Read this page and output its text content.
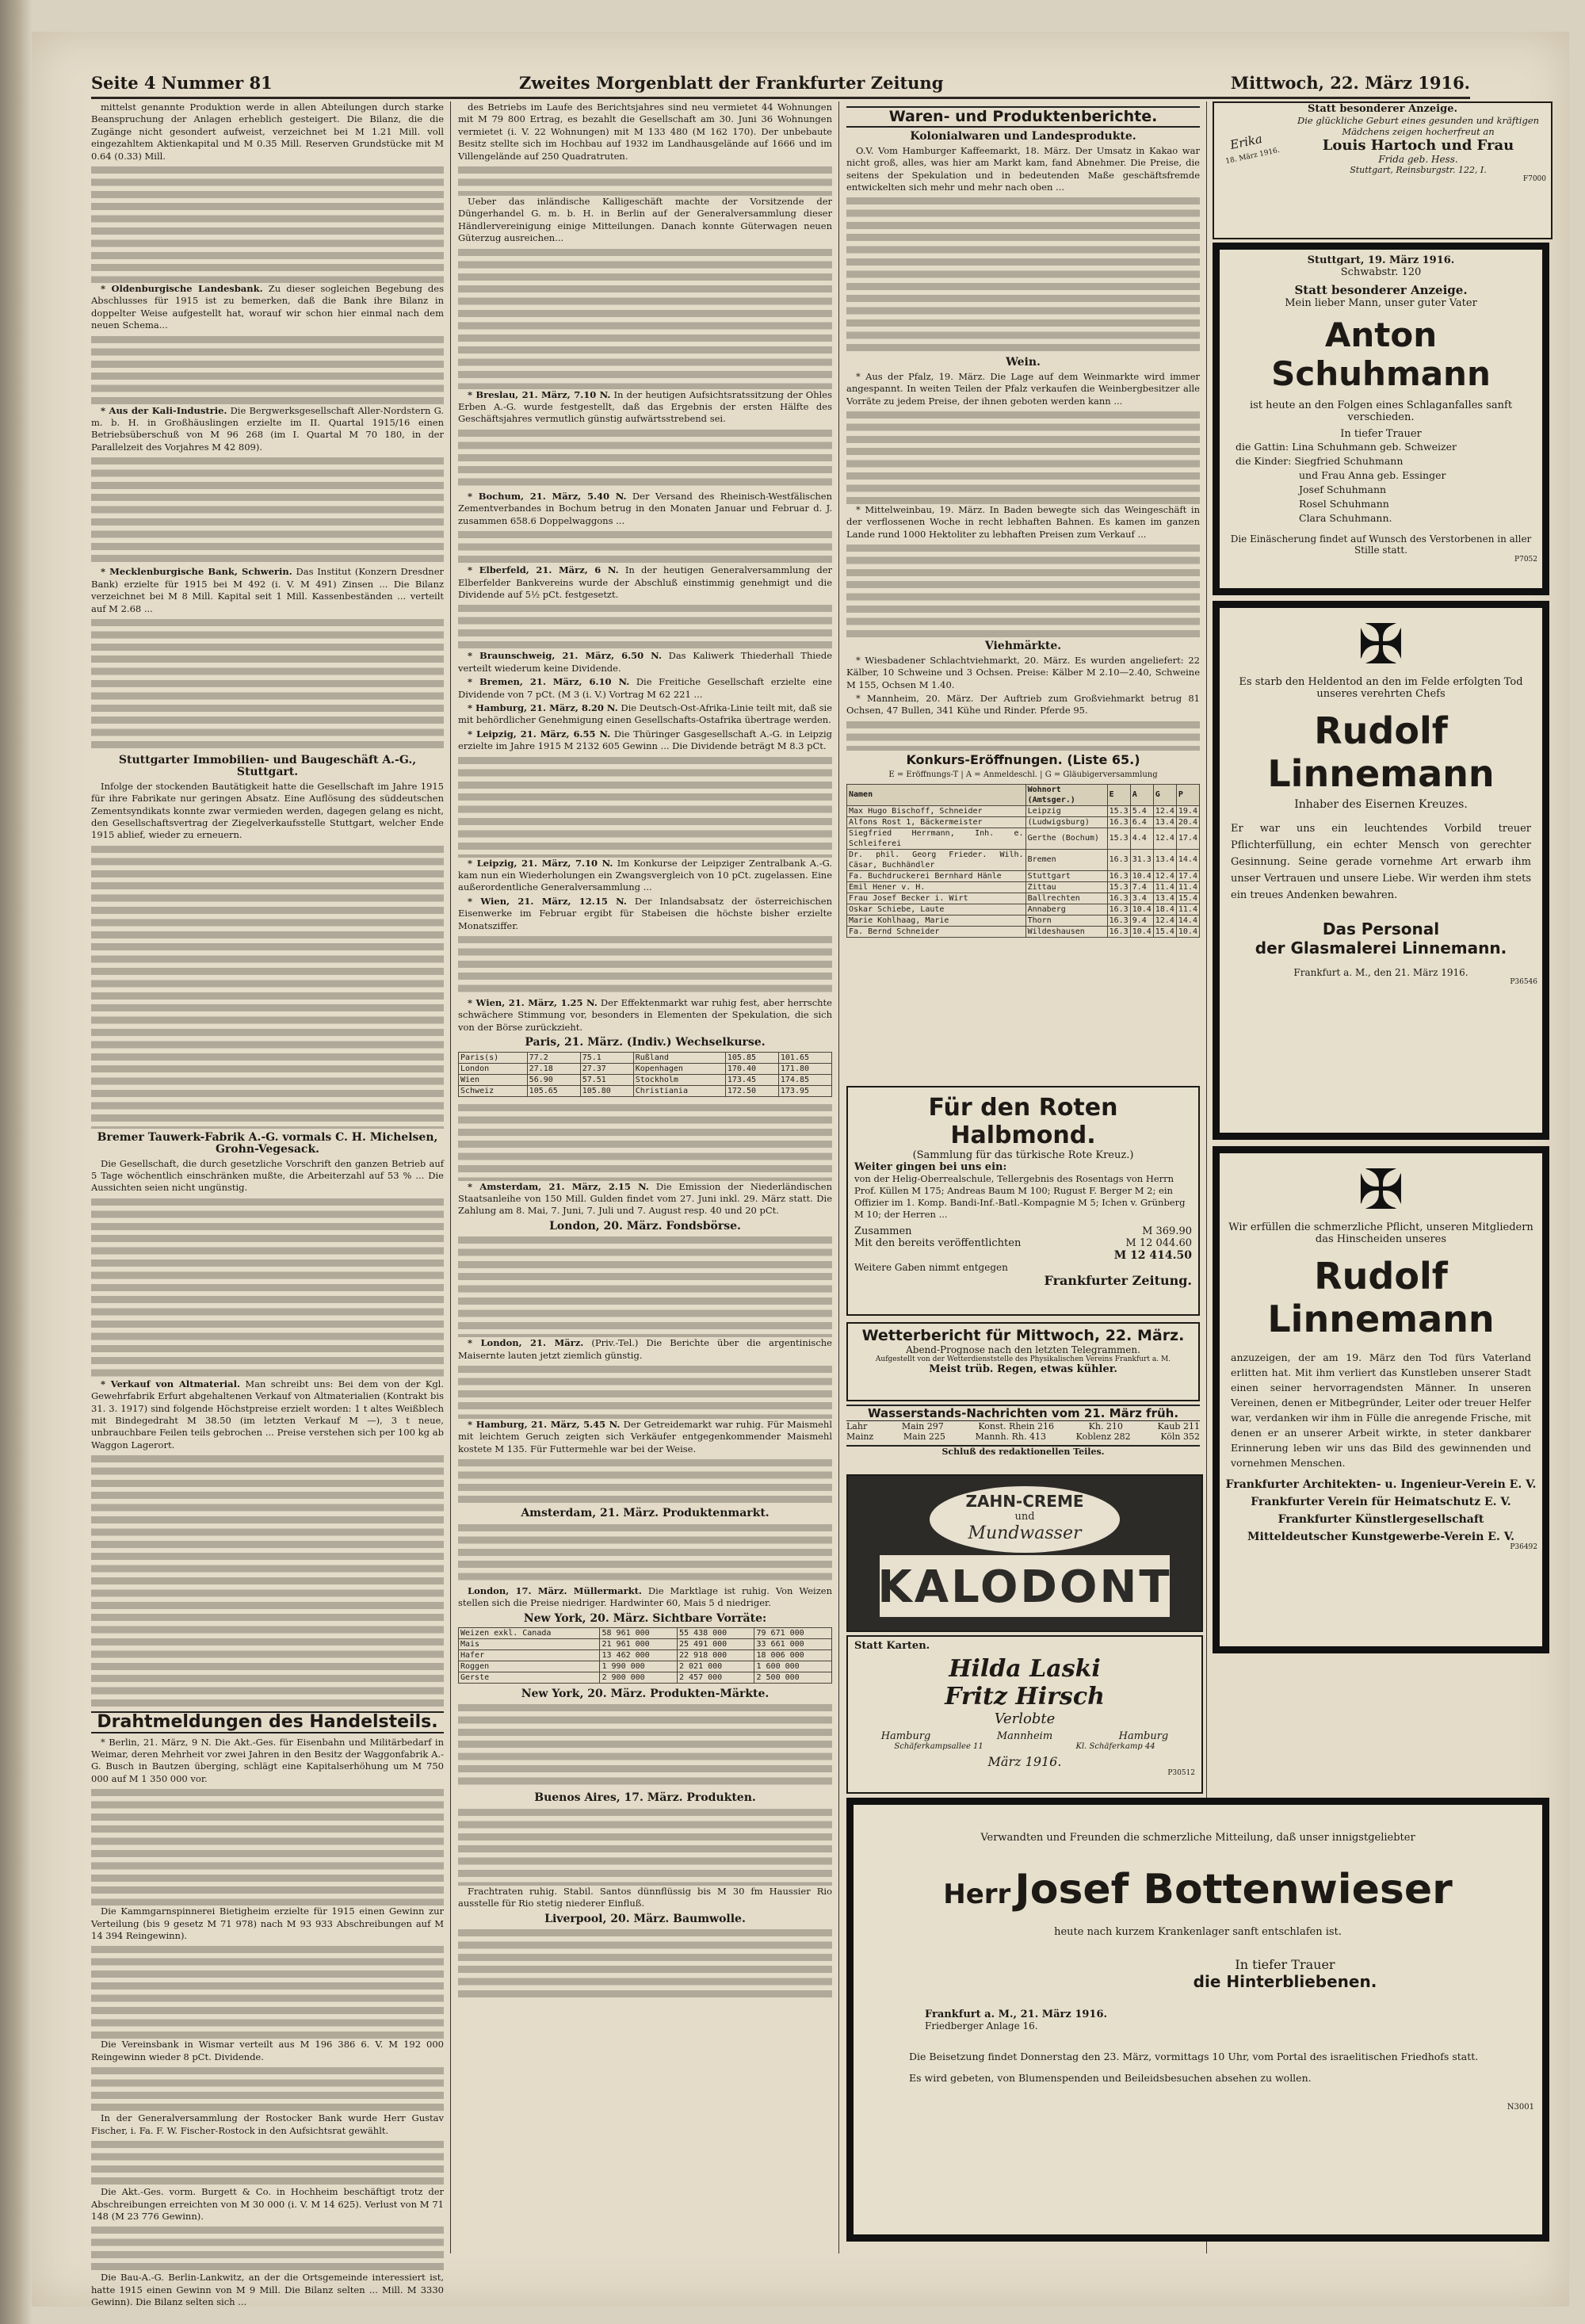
Seite 4 Nummer 81	Zweites Morgenblatt der Frankfurter Zeitung	Mittwoch, 22. März 1916.

mittelst genannte Produktion werde in allen Abteilungen durch starke Beanspruchung der Anlagen erheblich gesteigert. Die Bilanz, die die Zugänge nicht gesondert aufweist, verzeichnet bei M 1.21 Mill. voll eingezahltem Aktienkapital und M 0.35 Mill. Reserven Grundstücke mit M 0.64 (0.33) Mill.

* Oldenburgische Landesbank. Zu dieser sogleichen Begebung des Abschlusses für 1915 ist zu bemerken, daß die Bank ihre Bilanz in doppelter Weise aufgestellt hat, worauf wir schon hier einmal nach dem neuen Schema...

* Aus der Kali-Industrie. Die Bergwerksgesellschaft Aller-Nordstern G. m. b. H. in Großhäuslingen erzielte im II. Quartal 1915/16 einen Betriebsüberschuß von M 96 268 (im I. Quartal M 70 180, in der Parallelzeit des Vorjahres M 42 809).

* Mecklenburgische Bank, Schwerin. Das Institut (Konzern Dresdner Bank) erzielte für 1915 bei M 492 (i. V. M 491) Zinsen ... Die Bilanz verzeichnet bei M 8 Mill. Kapital seit 1 Mill. Kassenbeständen ... verteilt auf M 2.68 ...

Stuttgarter Immobilien- und Baugeschäft A.-G., Stuttgart.

Infolge der stockenden Bautätigkeit hatte die Gesellschaft im Jahre 1915 für ihre Fabrikate nur geringen Absatz. Eine Auflösung des süddeutschen Zementsyndikats konnte zwar vermieden werden, dagegen gelang es nicht, den Gesellschaftsvertrag der Ziegelverkaufsstelle Stuttgart, welcher Ende 1915 ablief, wieder zu erneuern.

Bremer Tauwerk-Fabrik A.-G. vormals C. H. Michelsen, Grohn-Vegesack.

Die Gesellschaft, die durch gesetzliche Vorschrift den ganzen Betrieb auf 5 Tage wöchentlich einschränken mußte, die Arbeiterzahl auf 53 % ... Die Aussichten seien nicht ungünstig.

* Verkauf von Altmaterial. Man schreibt uns: Bei dem von der Kgl. Gewehrfabrik Erfurt abgehaltenen Verkauf von Altmaterialien (Kontrakt bis 31. 3. 1917) sind folgende Höchstpreise erzielt worden: 1 t altes Weißblech mit Bindegedraht M 38.50 (im letzten Verkauf M —), 3 t neue, unbrauchbare Feilen teils gebrochen ... Preise verstehen sich per 100 kg ab Waggon Lagerort.

Drahtmeldungen des Handelsteils.

* Berlin, 21. März, 9 N. Die Akt.-Ges. für Eisenbahn und Militärbedarf in Weimar, deren Mehrheit vor zwei Jahren in den Besitz der Waggonfabrik A.-G. Busch in Bautzen überging, schlägt eine Kapitalserhöhung um M 750 000 auf M 1 350 000 vor.

Die Kammgarnspinnerei Bietigheim erzielte für 1915 einen Gewinn zur Verteilung (bis 9 gesetz M 71 978) nach M 93 933 Abschreibungen auf M 14 394 Reingewinn).

Die Vereinsbank in Wismar verteilt aus M 196 386 6. V. M 192 000 Reingewinn wieder 8 pCt. Dividende.

In der Generalversammlung der Rostocker Bank wurde Herr Gustav Fischer, i. Fa. F. W. Fischer-Rostock in den Aufsichtsrat gewählt.

Die Akt.-Ges. vorm. Burgett & Co. in Hochheim beschäftigt trotz der Abschreibungen erreichten von M 30 000 (i. V. M 14 625). Verlust von M 71 148 (M 23 776 Gewinn).

Die Bau-A.-G. Berlin-Lankwitz, an der die Ortsgemeinde interessiert ist, hatte 1915 einen Gewinn von M 9 Mill. Die Bilanz selten ... Mill. M 3330 Gewinn). Die Bilanz selten sich ...

des Betriebs im Laufe des Berichtsjahres sind neu vermietet 44 Wohnungen mit M 79 800 Ertrag, es bezahlt die Gesellschaft am 30. Juni 36 Wohnungen vermietet (i. V. 22 Wohnungen) mit M 133 480 (M 162 170). Der unbebaute Besitz stellte sich im Hochbau auf 1932 im Landhausgelände auf 1666 und im Villengelände auf 250 Quadratruten.

Ueber das inländische Kalligeschäft machte der Vorsitzende der Düngerhandel G. m. b. H. in Berlin auf der Generalversammlung dieser Händlervereinigung einige Mitteilungen. Danach konnte Güterwagen neuen Güterzug ausreichen...

* Breslau, 21. März, 7.10 N. In der heutigen Aufsichtsratssitzung der Ohles Erben A.-G. wurde festgestellt, daß das Ergebnis der ersten Hälfte des Geschäftsjahres vermutlich günstig aufwärtsstrebend sei.

* Bochum, 21. März, 5.40 N. Der Versand des Rheinisch-Westfälischen Zementverbandes in Bochum betrug in den Monaten Januar und Februar d. J. zusammen 658.6 Doppelwaggons ...

* Elberfeld, 21. März, 6 N. In der heutigen Generalversammlung der Elberfelder Bankvereins wurde der Abschluß einstimmig genehmigt und die Dividende auf 5½ pCt. festgesetzt.

* Braunschweig, 21. März, 6.50 N. Das Kaliwerk Thiederhall Thiede verteilt wiederum keine Dividende.

* Bremen, 21. März, 6.10 N. Die Freitiche Gesellschaft erzielte eine Dividende von 7 pCt. (M 3 (i. V.) Vortrag M 62 221 ...

* Hamburg, 21. März, 8.20 N. Die Deutsch-Ost-Afrika-Linie teilt mit, daß sie mit behördlicher Genehmigung einen Gesellschafts-Ostafrika übertrage werden.

* Leipzig, 21. März, 6.55 N. Die Thüringer Gasgesellschaft A.-G. in Leipzig erzielte im Jahre 1915 M 2132 605 Gewinn ... Die Dividende beträgt M 8.3 pCt.

* Leipzig, 21. März, 7.10 N. Im Konkurse der Leipziger Zentralbank A.-G. kam nun ein Wiederholungen ein Zwangsvergleich von 10 pCt. zugelassen. Eine außerordentliche Generalversammlung ...

* Wien, 21. März, 12.15 N. Der Inlandsabsatz der österreichischen Eisenwerke im Februar ergibt für Stabeisen die höchste bisher erzielte Monatsziffer.

* Wien, 21. März, 1.25 N. Der Effektenmarkt war ruhig fest, aber herrschte schwächere Stimmung vor, besonders in Elementen der Spekulation, die sich von der Börse zurückzieht.

Paris, 21. März. (Indiv.) Wechselkurse.
Paris(s)	77.2	75.1	Rußland	105.85	101.65
London	27.18	27.37	Kopenhagen	170.40	171.80
Wien	56.90	57.51	Stockholm	173.45	174.85
Schweiz	105.65	105.80	Christiania	172.50	173.95

* Amsterdam, 21. März, 2.15 N. Die Emission der Niederländischen Staatsanleihe von 150 Mill. Gulden findet vom 27. Juni inkl. 29. März statt. Die Zahlung am 8. Mai, 7. Juni, 7. Juli und 7. August resp. 40 und 20 pCt.

London, 20. März. Fondsbörse.

* London, 21. März. (Priv.-Tel.) Die Berichte über die argentinische Maisernte lauten jetzt ziemlich günstig.

* Hamburg, 21. März, 5.45 N. Der Getreidemarkt war ruhig. Für Maismehl mit leichtem Geruch zeigten sich Verkäufer entgegenkommender Maismehl kostete M 135. Für Futtermehle war bei der Weise.

Amsterdam, 21. März. Produktenmarkt.

London, 17. März. Müllermarkt. Die Marktlage ist ruhig. Von Weizen stellen sich die Preise niedriger. Hardwinter 60, Mais 5 d niedriger.

New York, 20. März. Sichtbare Vorräte:
Weizen exkl. Canada	58 961 000	55 438 000	79 671 000
Mais	21 961 000	25 491 000	33 661 000
Hafer	13 462 000	22 918 000	18 006 000
Roggen	1 990 000	2 021 000	1 600 000
Gerste	2 900 000	2 457 000	2 500 000
New York, 20. März. Produkten-Märkte.
Buenos Aires, 17. März. Produkten.

Frachtraten ruhig. Stabil. Santos dünnflüssig bis M 30 fm Haussier Rio ausstelle für Rio stetig niederer Einfluß.

Liverpool, 20. März. Baumwolle.
Waren- und Produktenberichte.
Kolonialwaren und Landesprodukte.

O.V. Vom Hamburger Kaffeemarkt, 18. März. Der Umsatz in Kakao war nicht groß, alles, was hier am Markt kam, fand Abnehmer. Die Preise, die seitens der Spekulation und in bedeutenden Maße geschäftsfremde entwickelten sich mehr und mehr nach oben ...

Wein.

* Aus der Pfalz, 19. März. Die Lage auf dem Weinmarkte wird immer angespannt. In weiten Teilen der Pfalz verkaufen die Weinbergbesitzer alle Vorräte zu jedem Preise, der ihnen geboten werden kann ...

* Mittelweinbau, 19. März. In Baden bewegte sich das Weingeschäft in der verflossenen Woche in recht lebhaften Bahnen. Es kamen im ganzen Lande rund 1000 Hektoliter zu lebhaften Preisen zum Verkauf ...

Viehmärkte.

* Wiesbadener Schlachtviehmarkt, 20. März. Es wurden angeliefert: 22 Kälber, 10 Schweine und 3 Ochsen. Preise: Kälber M 2.10—2.40, Schweine M 155, Ochsen M 1.40.

* Mannheim, 20. März. Der Auftrieb zum Großviehmarkt betrug 81 Ochsen, 47 Bullen, 341 Kühe und Rinder. Pferde 95.

Konkurs-Eröffnungen. (Liste 65.)
E = Eröffnungs-T | A = Anmeldeschl. | G = Gläubigerversammlung
Namen	Wohnort (Amtsger.)	E	A	G	P
Max Hugo Bischoff, Schneider	Leipzig	15.3	5.4	12.4	19.4
Alfons Rost 1, Bäckermeister	(Ludwigsburg)	16.3	6.4	13.4	20.4
Siegfried Herrmann, Inh. e. Schleiferei	Gerthe (Bochum)	15.3	4.4	12.4	17.4
Dr. phil. Georg Frieder. Wilh. Cäsar, Buchhändler	Bremen	16.3	31.3	13.4	14.4
Fa. Buchdruckerei Bernhard Hänle	Stuttgart	16.3	10.4	12.4	17.4
Emil Hener v. H.	Zittau	15.3	7.4	11.4	11.4
Frau Josef Becker i. Wirt	Ballrechten	16.3	3.4	13.4	15.4
Oskar Schiebe, Laute	Annaberg	16.3	10.4	18.4	11.4
Marie Kohlhaag, Marie	Thorn	16.3	9.4	12.4	14.4
Fa. Bernd Schneider	Wildeshausen	16.3	10.4	15.4	10.4
Für den Roten Halbmond.
(Sammlung für das türkische Rote Kreuz.)
Weiter gingen bei uns ein:
von der Helig-Oberrealschule, Tellergebnis des Rosentags von Herrn Prof. Küllen M 175; Andreas Baum M 100; Rugust F. Berger M 2; ein Offizier im 1. Komp. Bandi-Inf.-Batl.-Kompagnie M 5; Ichen v. Grünberg M 10; der Herren ...
Zusammen	M 369.90
Mit den bereits veröffentlichten	M 12 044.60
M 12 414.50
Weitere Gaben nimmt entgegen
Frankfurter Zeitung.
Wetterbericht für Mittwoch, 22. März.
Abend-Prognose nach den letzten Telegrammen.
Aufgestellt von der Wetterdienststelle des Physikalischen Vereins Frankfurt a. M.
Meist trüb. Regen, etwas kühler.
Wasserstands-Nachrichten vom 21. März früh.
Lahr	Main 297	Konst. Rhein 216	Kh. 210	Kaub 211
Mainz	Main 225	Mannh. Rh. 413	Koblenz 282	Köln 352
Schluß des redaktionellen Teiles.
ZAHN-CREME
und
Mundwasser
KALODONT
Statt Karten.
Hilda Laski
Fritz Hirsch
Verlobte
Hamburg	Mannheim	Hamburg
Schäferkampsallee 11	Kl. Schäferkamp 44
März 1916.
P30512
Statt besonderer Anzeige.
Erika
18. März 1916.
Die glückliche Geburt eines gesunden und kräftigen Mädchens zeigen hocherfreut an
Louis Hartoch und Frau
Frida geb. Hess.
Stuttgart, Reinsburgstr. 122, I.
F7000
Stuttgart, 19. März 1916.
Schwabstr. 120
Statt besonderer Anzeige.
Mein lieber Mann, unser guter Vater
Anton Schuhmann
ist heute an den Folgen eines Schlaganfalles sanft verschieden.
In tiefer Trauer
die Gattin: Lina Schuhmann geb. Schweizer
die Kinder: Siegfried Schuhmann
und Frau Anna geb. Essinger
Josef Schuhmann
Rosel Schuhmann
Clara Schuhmann.
Die Einäscherung findet auf Wunsch des Verstorbenen in aller Stille statt.
P7052
✠
Es starb den Heldentod an den im Felde erfolgten Tod unseres verehrten Chefs
Rudolf Linnemann
Inhaber des Eisernen Kreuzes.
Er war uns ein leuchtendes Vorbild treuer Pflichterfüllung, ein echter Mensch von gerechter Gesinnung. Seine gerade vornehme Art erwarb ihm unser Vertrauen und unsere Liebe. Wir werden ihm stets ein treues Andenken bewahren.
Das Personal
der Glasmalerei Linnemann.
Frankfurt a. M., den 21. März 1916.
P36546
✠
Wir erfüllen die schmerzliche Pflicht, unseren Mitgliedern das Hinscheiden unseres
Rudolf Linnemann
anzuzeigen, der am 19. März den Tod fürs Vaterland erlitten hat. Mit ihm verliert das Kunstleben unserer Stadt einen seiner hervorragendsten Männer. In unseren Vereinen, denen er Mitbegründer, Leiter oder treuer Helfer war, verdanken wir ihm in Fülle die anregende Frische, mit denen er an unserer Arbeit wirkte, in steter dankbarer Erinnerung leben wir uns das Bild des gewinnenden und vornehmen Menschen.
Frankfurter Architekten- u. Ingenieur-Verein E. V.
Frankfurter Verein für Heimatschutz E. V.
Frankfurter Künstlergesellschaft
Mitteldeutscher Kunstgewerbe-Verein E. V.
P36492
Verwandten und Freunden die schmerzliche Mitteilung, daß unser innigstgeliebter
Herr Josef Bottenwieser
heute nach kurzem Krankenlager sanft entschlafen ist.
In tiefer Trauer
die Hinterbliebenen.
Frankfurt a. M., 21. März 1916.
Friedberger Anlage 16.
Die Beisetzung findet Donnerstag den 23. März, vormittags 10 Uhr, vom Portal des israelitischen Friedhofs statt.
Es wird gebeten, von Blumenspenden und Beileidsbesuchen absehen zu wollen.
N3001
